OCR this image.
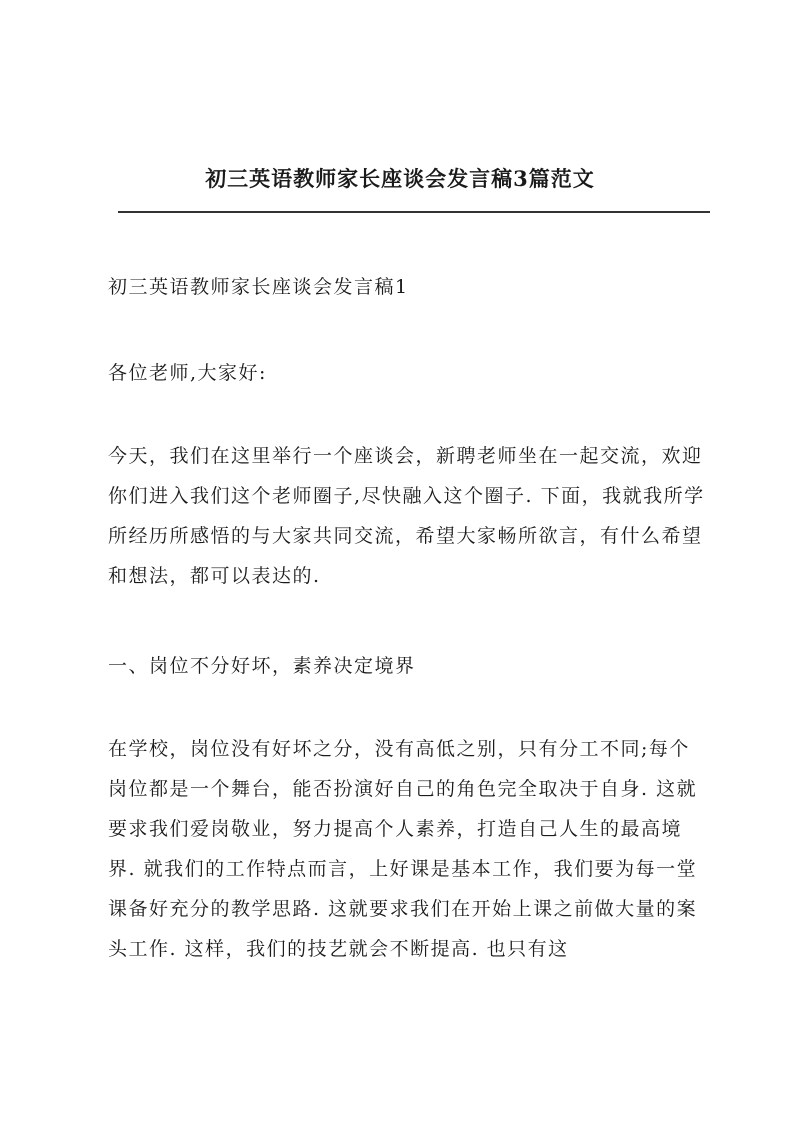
初三英语教师家长座谈会发言稿3篇范文

初三英语教师家长座谈会发言稿1

各位老师,大家好:

今天，我们在这里举行一个座谈会，新聘老师坐在一起交流，欢迎你们进入我们这个老师圈子,尽快融入这个圈子. 下面，我就我所学所经历所感悟的与大家共同交流，希望大家畅所欲言，有什么希望和想法，都可以表达的.

一、岗位不分好坏，素养决定境界

在学校，岗位没有好坏之分，没有高低之别，只有分工不同;每个岗位都是一个舞台，能否扮演好自己的角色完全取决于自身. 这就要求我们爱岗敬业，努力提高个人素养，打造自己人生的最高境界. 就我们的工作特点而言，上好课是基本工作，我们要为每一堂课备好充分的教学思路. 这就要求我们在开始上课之前做大量的案头工作. 这样，我们的技艺就会不断提高. 也只有这
